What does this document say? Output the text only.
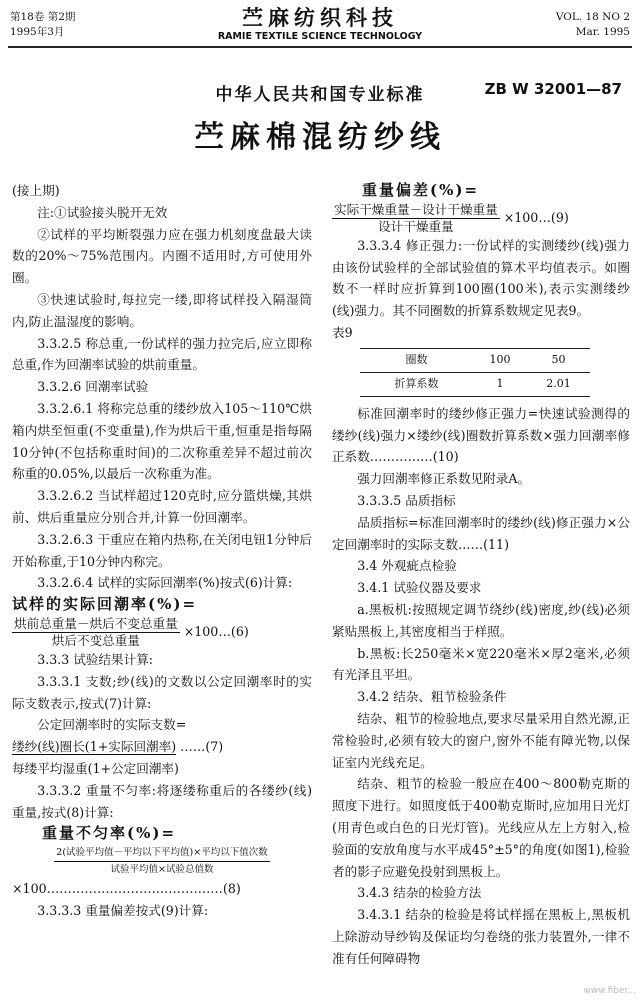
第18卷 第2期
1995年3月
苎麻纺织科技
RAMIE TEXTILE SCIENCE TECHNOLOGY
VOL. 18 NO 2
Mar. 1995
中华人民共和国专业标准	ZB W 32001—87
苎麻棉混纺纱线
(接上期)
注:①试验接头脱开无效
②试样的平均断裂强力应在强力机刻度盘最大读数的20%～75%范围内。内圈不适用时,方可使用外圈。
③快速试验时,每拉完一缕,即将试样投入隔湿筒内,防止温湿度的影响。
3.3.2.5 称总重,一份试样的强力拉完后,应立即称总重,作为回潮率试验的烘前重量。
3.3.2.6 回潮率试验
3.3.2.6.1 将称完总重的缕纱放入105～110℃烘箱内烘至恒重(不变重量),作为烘后干重,恒重是指每隔10分钟(不包括称重时间)的二次称重差异不超过前次称重的0.05%,以最后一次称重为准。
3.3.2.6.2 当试样超过120克时,应分篮烘燥,其烘前、烘后重量应分别合并,计算一份回潮率。
3.3.2.6.3 干重应在箱内热称,在关闭电钮1分钟后开始称重,于10分钟内称完。
3.3.2.6.4 试样的实际回潮率(%)按式(6)计算:
试样的实际回潮率(%)=
$\frac{\text{烘前总重量－烘后不变总重量}}{\text{烘后不变总重量}}$ ×100…(6)
3.3.3 试验结果计算:
3.3.3.1 支数;纱(线)的文数以公定回潮率时的实际支数表示,按式(7)计算:
公定回潮率时的实际支数=
缕纱(线)圈长(1+实际回潮率) ……(7)
每缕平均湿重(1+公定回潮率)
3.3.3.2 重量不匀率:将逐缕称重后的各缕纱(线)重量,按式(8)计算:
重量不匀率(%)=
2(试验平均值－平均以下平均值)×平均以下值次数
试验平均值×试验总值数
×100……………………………………(8)
3.3.3.3 重量偏差按式(9)计算:
重量偏差(%)=
$\frac{\text{实际干燥重量－设计干燥重量}}{\text{设计干燥重量}}$ ×100…(9)
3.3.3.4 修正强力:一份试样的实测缕纱(线)强力由该份试验样的全部试验值的算术平均值表示。如圈数不一样时应折算到100圈(100米),表示实测缕纱(线)强力。其不同圈数的折算系数规定见表9。
表9
圈数	100	50
折算系数	1	2.01
标准回潮率时的缕纱修正强力=快速试验测得的缕纱(线)强力×缕纱(线)圈数折算系数×强力回潮率修正系数……………(10)
强力回潮率修正系数见附录A。
3.3.3.5 品质指标
品质指标=标准回潮率时的缕纱(线)修正强力×公定回潮率时的实际支数……(11)
3.4 外观疵点检验
3.4.1 试验仪器及要求
a.黑板机:按照规定调节绕纱(线)密度,纱(线)必须紧贴黑板上,其密度相当于样照。
b.黑板:长250毫米×宽220毫米×厚2毫米,必须有光泽且平坦。
3.4.2 结杂、粗节检验条件
结杂、粗节的检验地点,要求尽量采用自然光源,正常检验时,必须有较大的窗户,窗外不能有障光物,以保证室内光线充足。
结杂、粗节的检验一般应在400～800勒克斯的照度下进行。如照度低于400勒克斯时,应加用日光灯(用青色或白色的日光灯管)。光线应从左上方射入,检验面的安放角度与水平成45°±5°的角度(如图1),检验者的影子应避免投射到黑板上。
3.4.3 结杂的检验方法
3.4.3.1 结杂的检验是将试样摇在黑板上,黑板机上除游动导纱钩及保证均匀卷绕的张力装置外,一律不准有任何障碍物
www.fiber...
